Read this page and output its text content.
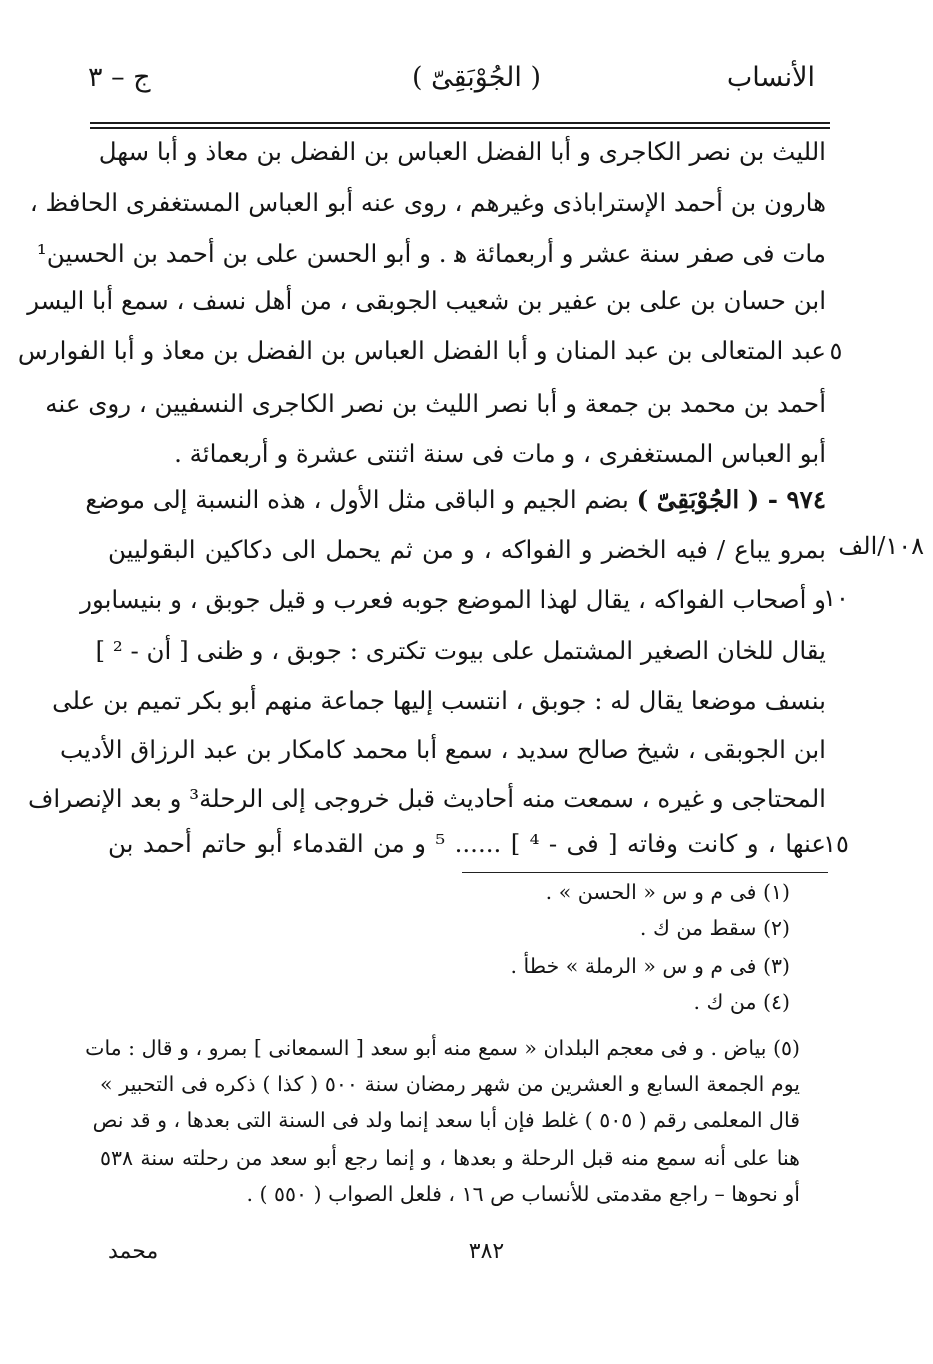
الأنساب
( الجُوْبَقِىّ )
ج – ٣
الليث بن نصر الكاجرى و أبا الفضل العباس بن الفضل بن معاذ و أبا سهل
هارون بن أحمد الإستراباذى وغيرهم ، روى عنه أبو العباس المستغفرى الحافظ ،
مات فى صفر سنة عشر و أربعمائة ه‍ . و أبو الحسن على بن أحمد بن الحسين¹
ابن حسان بن على بن عفير بن شعيب الجوبقى ، من أهل نسف ، سمع أبا اليسر
عبد المتعالى بن عبد المنان و أبا الفضل العباس بن الفضل بن معاذ و أبا الفوارس
أحمد بن محمد بن جمعة و أبا نصر الليث بن نصر الكاجرى النسفيين ، روى عنه
أبو العباس المستغفرى ، و مات فى سنة اثنتى عشرة و أربعمائة .
٩٧٤ - ( الجُوْبَقِىّ ) بضم الجيم و الباقى مثل الأول ، هذه النسبة إلى موضع
بمرو يباع / فيه الخضر و الفواكه ، و من ثم يحمل الى دكاكين البقوليين
و أصحاب الفواكه ، يقال لهذا الموضع جوبه فعرب و قيل جوبق ، و بنيسابور
يقال للخان الصغير المشتمل على بيوت تكترى : جوبق ، و ظنى [ أن - ² ]
بنسف موضعا يقال له : جوبق ، انتسب إليها جماعة منهم أبو بكر تميم بن على
ابن الجوبقى ، شيخ صالح سديد ، سمع أبا محمد كامكار بن عبد الرزاق الأديب
المحتاجى و غيره ، سمعت منه أحاديث قبل خروجى إلى الرحلة³ و بعد الإنصراف
عنها ، و كانت وفاته [ فى - ⁴ ] ...... ⁵ و من القدماء أبو حاتم أحمد بن
٥
١٠٨/الف
١٠
١٥
(١) فى م و س « الحسن » .
(٢) سقط من ك .
(٣) فى م و س « الرملة » خطأ .
(٤) من ك .
(٥) بياض . و فى معجم البلدان « سمع منه أبو سعد [ السمعانى ] بمرو ، و قال : مات
يوم الجمعة السابع و العشرين من شهر رمضان سنة ٥٠٠ ( كذا ) ذكره فى التحبير »
قال المعلمى رقم ( ٥٠٥ ) غلط فإن أبا سعد إنما ولد فى السنة التى بعدها ، و قد نص
هنا على أنه سمع منه قبل الرحلة و بعدها ، و إنما رجع أبو سعد من رحلته سنة ٥٣٨
أو نحوها – راجع مقدمتى للأنساب ص ١٦ ، فلعل الصواب ( ٥٥٠ ) .
٣٨٢
محمد
